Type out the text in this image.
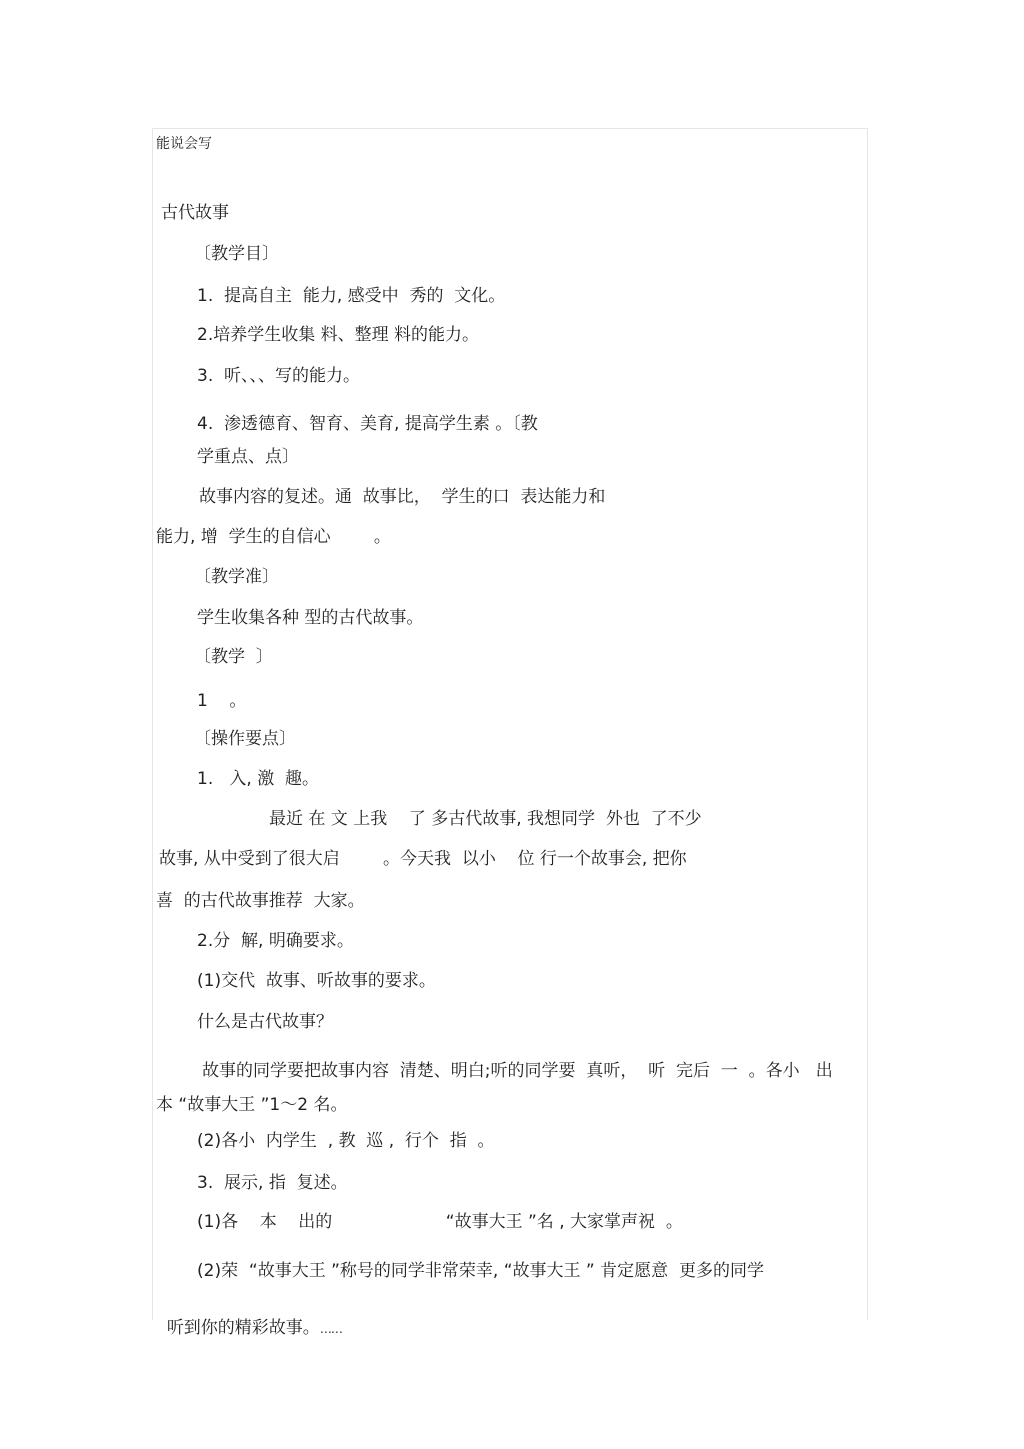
能说会写
古代故事
〔教学目〕
1.  提高自主  能力, 感受中  秀的  文化。
2.培养学生收集 料、整理 料的能力。
3.  听、、、写的能力。
4.  渗透德育、智育、美育, 提高学生素 。〔教
学重点、点〕
故事内容的复述。通  故事比，  学生的口  表达能力和
能力, 增  学生的自信心        。
〔教学准〕
学生收集各种 型的古代故事。
〔教学  〕
1    。
〔操作要点〕
1.   入, 激  趣。
最近 在 文 上我    了 多古代故事, 我想同学  外也  了不少
故事, 从中受到了很大启        。今天我  以小    位 行一个故事会, 把你
喜  的古代故事推荐  大家。
2.分  解, 明确要求。
(1)交代  故事、听故事的要求。
什么是古代故事？
故事的同学要把故事内容  清楚、明白;听的同学要  真听，  听  完后  一  。各小   出
本 “故事大王 ”1～2 名。
(2)各小  内学生  , 教  巡 ,  行个  指  。
3.  展示, 指  复述。
(1)各    本    出的                     “故事大王 ”名 , 大家掌声祝  。
(2)荣  “故事大王 ”称号的同学非常荣幸, “故事大王 ” 肯定愿意  更多的同学

听到你的精彩故事。……
